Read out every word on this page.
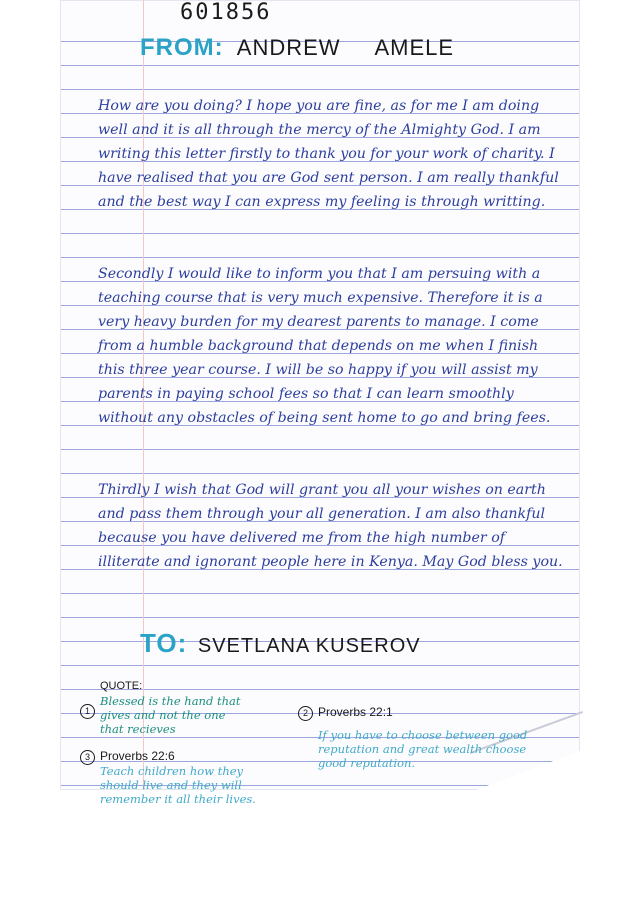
601856
FROM: ANDREW AMELE

How are you doing? I hope you are fine, as for me I am doing well and it is all through the mercy of the Almighty God. I am writing this letter firstly to thank you for your work of charity. I have realised that you are God sent person. I am really thankful and the best way I can express my feeling is through writting.

Secondly I would like to inform you that I am persuing with a teaching course that is very much expensive. Therefore it is a very heavy burden for my dearest parents to manage. I come from a humble background that depends on me when I finish this three year course. I will be so happy if you will assist my parents in paying school fees so that I can learn smoothly without any obstacles of being sent home to go and bring fees.

Thirdly I wish that God will grant you all your wishes on earth and pass them through your all generation. I am also thankful because you have delivered me from the high number of illiterate and ignorant people here in Kenya. May God bless you.

TO: SVETLANA KUSEROV
QUOTE:
1

Blessed is the hand that gives and not the one that recieves

2 Proverbs 22:1

If you have to choose between good reputation and great wealth choose good reputation.

3 Proverbs 22:6

Teach children how they should live and they will remember it all their lives.
